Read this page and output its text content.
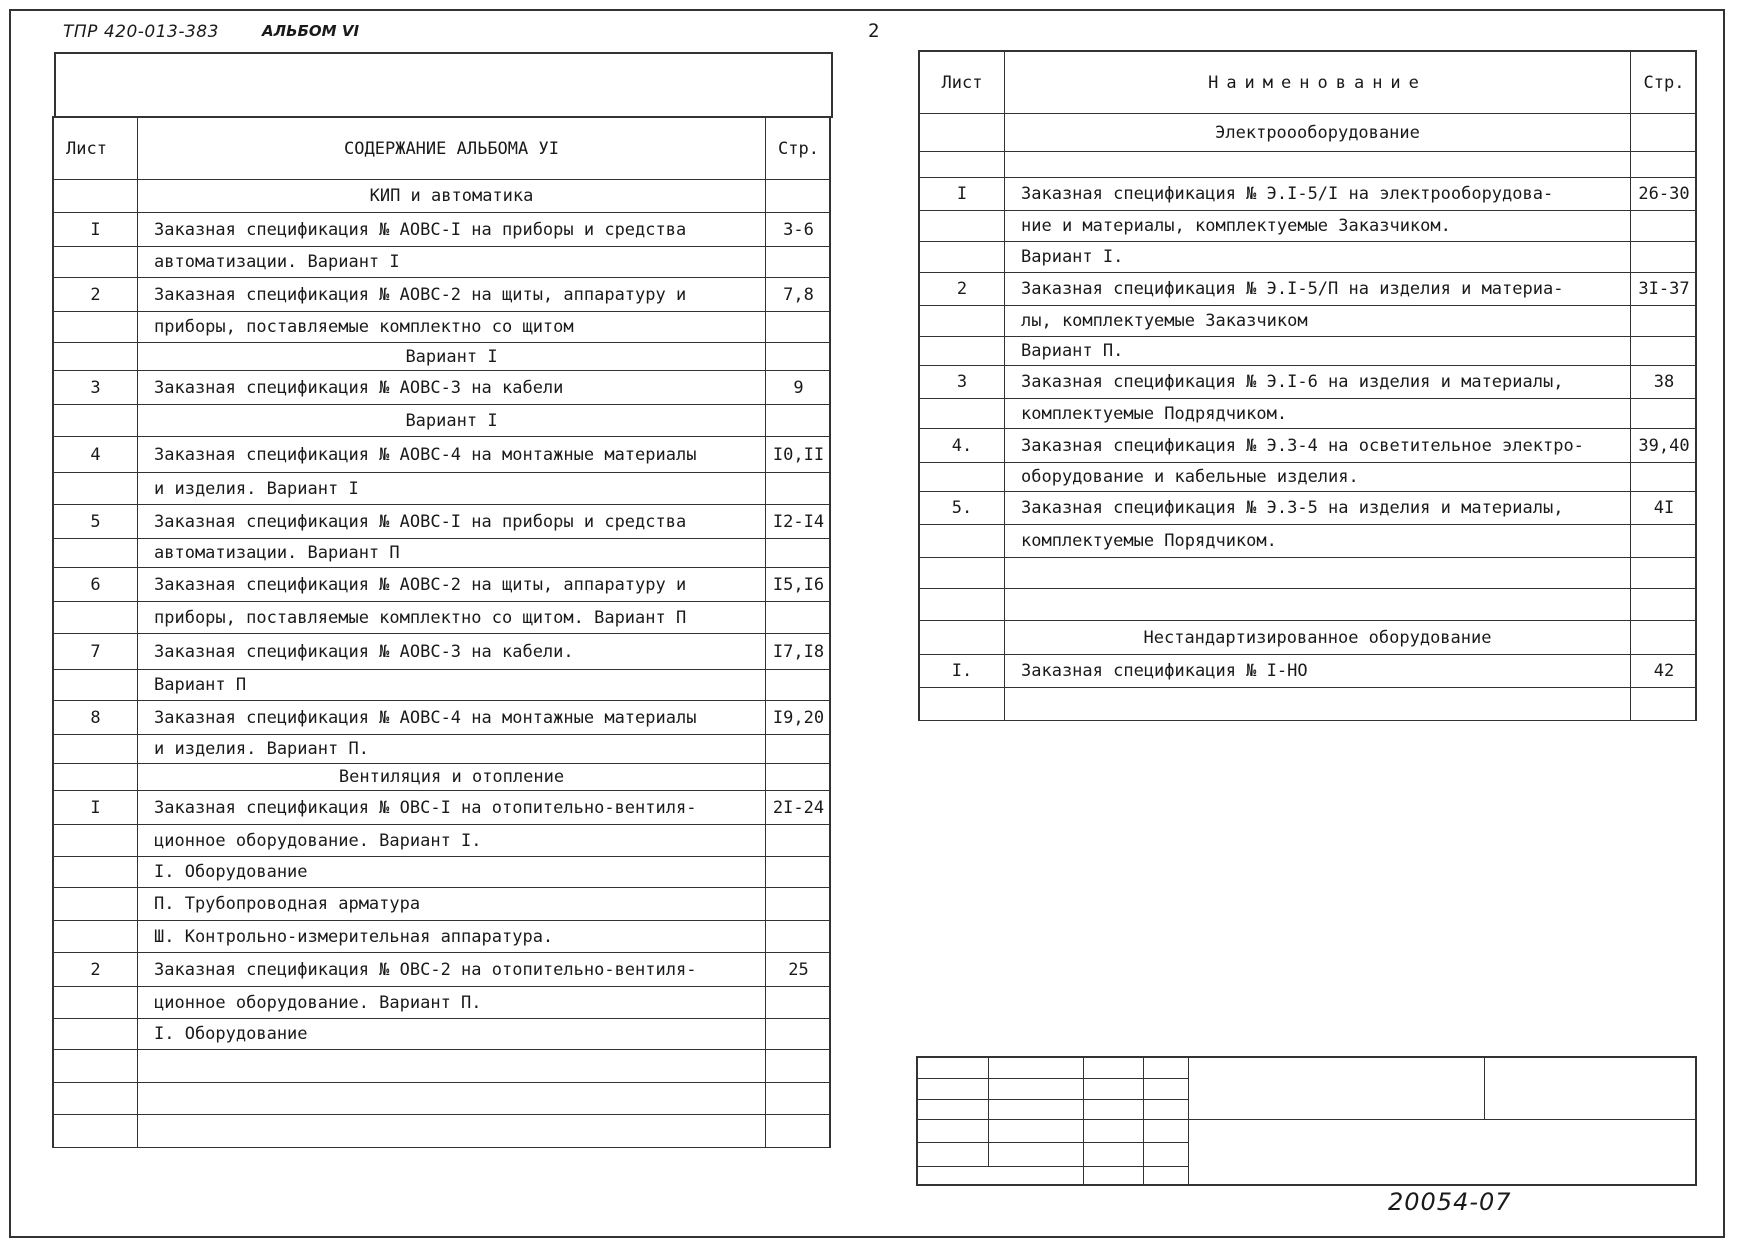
ТПР 420-013-383	АЛЬБОМ VI	2
20054-07
Лист	СОДЕРЖАНИЕ АЛЬБОМА УI	Стр.
КИП и автоматика
I	Заказная спецификация № АОВС-I на приборы и средства	3-6
автоматизации. Вариант I
2	Заказная спецификация № АОВС-2 на щиты, аппаратуру и	7,8
приборы, поставляемые комплектно со щитом
Вариант I
3	Заказная спецификация № АОВС-3 на кабели	9
Вариант I
4	Заказная спецификация № АОВС-4 на монтажные материалы	I0,II
и изделия. Вариант I
5	Заказная спецификация № АОВС-I на приборы и средства	I2-I4
автоматизации. Вариант П
6	Заказная спецификация № АОВС-2 на щиты, аппаратуру и	I5,I6
приборы, поставляемые комплектно со щитом. Вариант П
7	Заказная спецификация № АОВС-3 на кабели.	I7,I8
Вариант П
8	Заказная спецификация № АОВС-4 на монтажные материалы	I9,20
и изделия. Вариант П.
Вентиляция и отопление
I	Заказная спецификация № ОВС-I на отопительно-вентиля-	2I-24
ционное оборудование. Вариант I.
I. Оборудование
П. Трубопроводная арматура
Ш. Контрольно-измерительная аппаратура.
2	Заказная спецификация № ОВС-2 на отопительно-вентиля-	25
ционное оборудование. Вариант П.
I. Оборудование
Лист	Наименование	Стр.
Электроооборудование
I	Заказная спецификация № Э.I-5/I на электрооборудова-	26-30
ние и материалы, комплектуемые Заказчиком.
Вариант I.
2	Заказная спецификация № Э.I-5/П на изделия и материа-	3I-37
лы, комплектуемые Заказчиком
Вариант П.
3	Заказная спецификация № Э.I-6 на изделия и материалы,	38
комплектуемые Подрядчиком.
4.	Заказная спецификация № Э.3-4 на осветительное электро-	39,40
оборудование и кабельные изделия.
5.	Заказная спецификация № Э.3-5 на изделия и материалы,	4I
комплектуемые Порядчиком.
Нестандартизированное оборудование
I.	Заказная спецификация № I-НО	42
